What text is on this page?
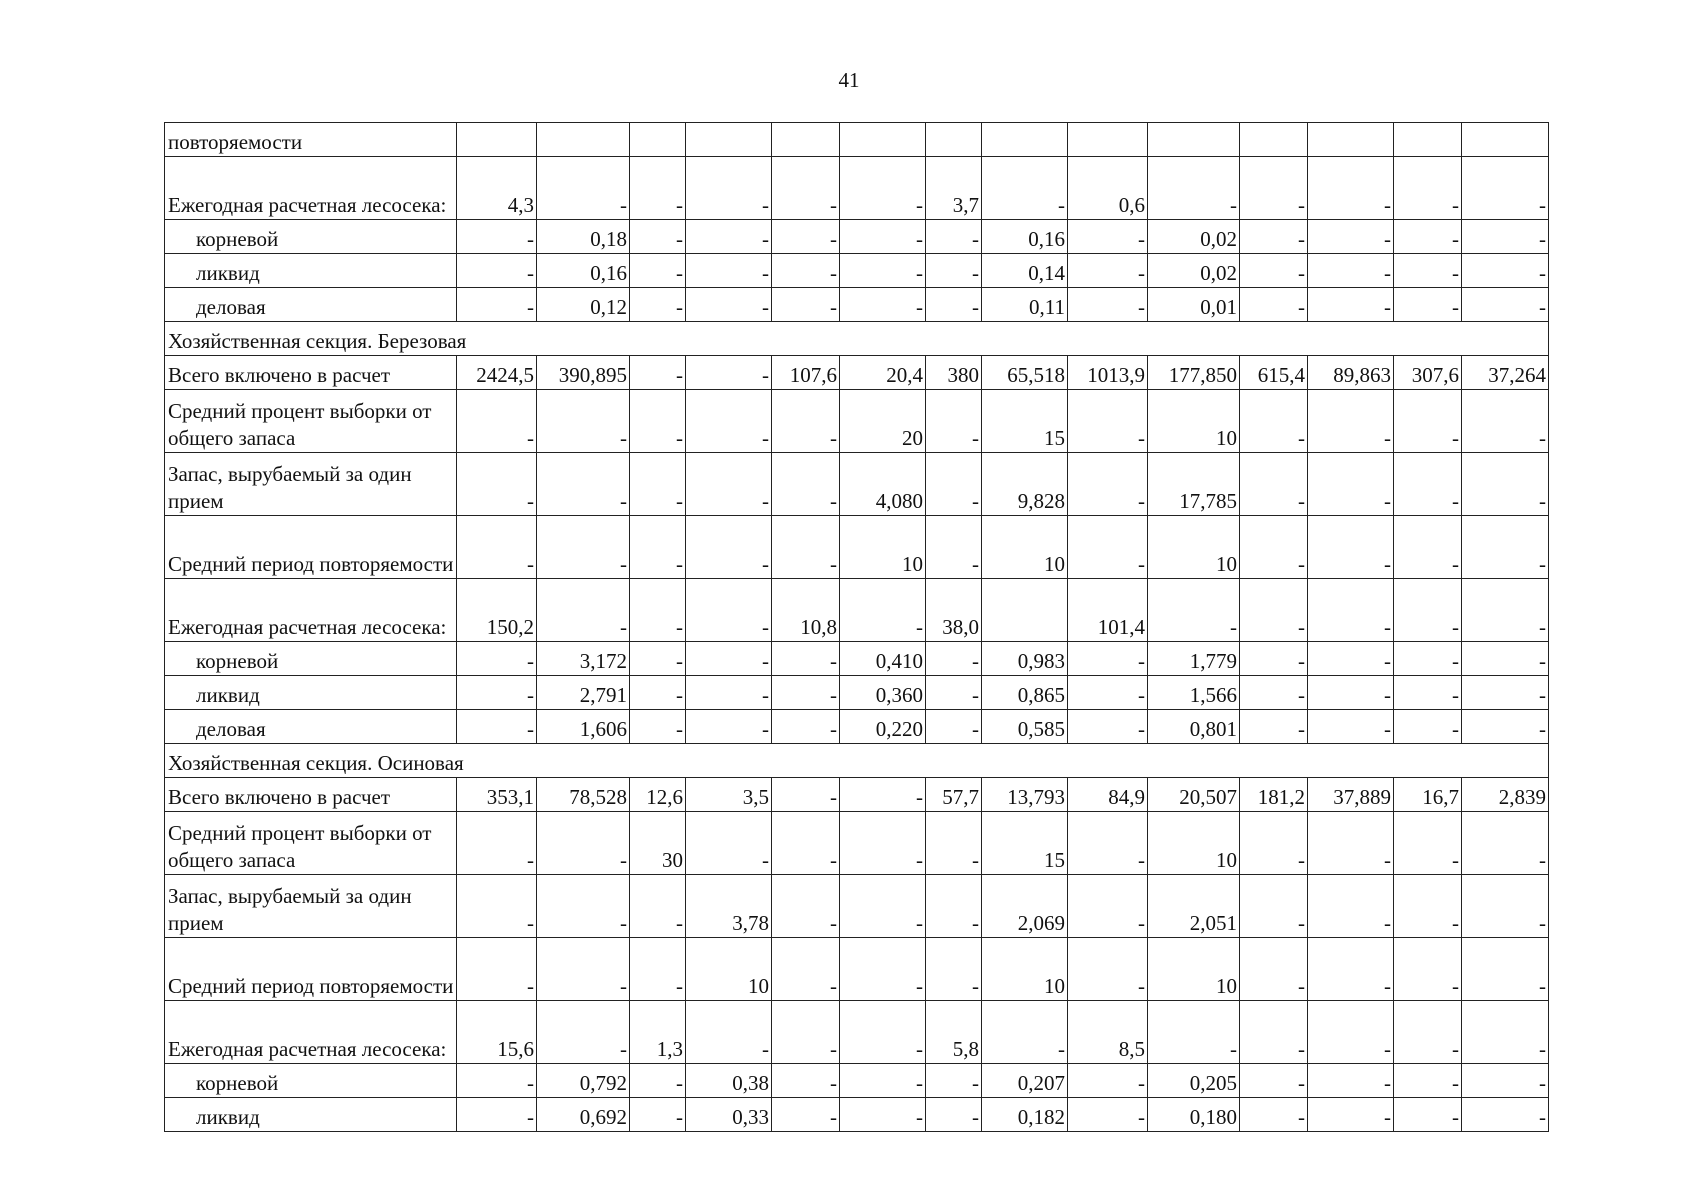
41
повторяемости														
Ежегодная расчетная лесосека:	4,3	-	-	-	-	-	3,7	-	0,6	-	-	-	-	-
корневой	-	0,18	-	-	-	-	-	0,16	-	0,02	-	-	-	-
ликвид	-	0,16	-	-	-	-	-	0,14	-	0,02	-	-	-	-
деловая	-	0,12	-	-	-	-	-	0,11	-	0,01	-	-	-	-
Хозяйственная секция. Березовая														
Всего включено в расчет	2424,5	390,895	-	-	107,6	20,4	380	65,518	1013,9	177,850	615,4	89,863	307,6	37,264
Средний процент выборки от общего запаса	-	-	-	-	-	20	-	15	-	10	-	-	-	-
Запас, вырубаемый за один прием	-	-	-	-	-	4,080	-	9,828	-	17,785	-	-	-	-
Средний период повторяемости	-	-	-	-	-	10	-	10	-	10	-	-	-	-
Ежегодная расчетная лесосека:	150,2	-	-	-	10,8	-	38,0		101,4	-	-	-	-	-
корневой	-	3,172	-	-	-	0,410	-	0,983	-	1,779	-	-	-	-
ликвид	-	2,791	-	-	-	0,360	-	0,865	-	1,566	-	-	-	-
деловая	-	1,606	-	-	-	0,220	-	0,585	-	0,801	-	-	-	-
Хозяйственная секция. Осиновая														
Всего включено в расчет	353,1	78,528	12,6	3,5	-	-	57,7	13,793	84,9	20,507	181,2	37,889	16,7	2,839
Средний процент выборки от общего запаса	-	-	30	-	-	-	-	15	-	10	-	-	-	-
Запас, вырубаемый за один прием	-	-	-	3,78	-	-	-	2,069	-	2,051	-	-	-	-
Средний период повторяемости	-	-	-	10	-	-	-	10	-	10	-	-	-	-
Ежегодная расчетная лесосека:	15,6	-	1,3	-	-	-	5,8	-	8,5	-	-	-	-	-
корневой	-	0,792	-	0,38	-	-	-	0,207	-	0,205	-	-	-	-
ликвид	-	0,692	-	0,33	-	-	-	0,182	-	0,180	-	-	-	-
